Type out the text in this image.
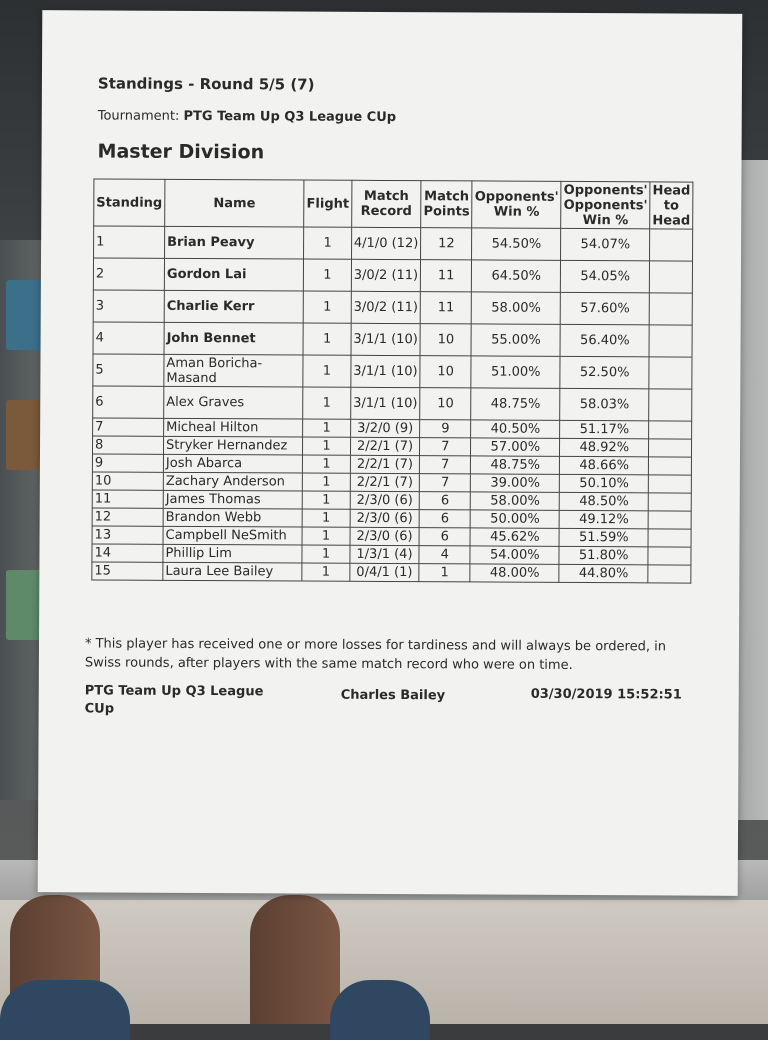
Standings - Round 5/5 (7)
Tournament: PTG Team Up Q3 League CUp
Master Division
Standing	Name	Flight	Match Record	Match Points	Opponents' Win %	Opponents' Opponents' Win %	Head to Head
1	Brian Peavy	1	4/1/0 (12)	12	54.50%	54.07%	
2	Gordon Lai	1	3/0/2 (11)	11	64.50%	54.05%	
3	Charlie Kerr	1	3/0/2 (11)	11	58.00%	57.60%	
4	John Bennet	1	3/1/1 (10)	10	55.00%	56.40%	
5	Aman Boricha-Masand	1	3/1/1 (10)	10	51.00%	52.50%	
6	Alex Graves	1	3/1/1 (10)	10	48.75%	58.03%	
7	Micheal Hilton	1	3/2/0 (9)	9	40.50%	51.17%	
8	Stryker Hernandez	1	2/2/1 (7)	7	57.00%	48.92%	
9	Josh Abarca	1	2/2/1 (7)	7	48.75%	48.66%	
10	Zachary Anderson	1	2/2/1 (7)	7	39.00%	50.10%	
11	James Thomas	1	2/3/0 (6)	6	58.00%	48.50%	
12	Brandon Webb	1	2/3/0 (6)	6	50.00%	49.12%	
13	Campbell NeSmith	1	2/3/0 (6)	6	45.62%	51.59%	
14	Phillip Lim	1	1/3/1 (4)	4	54.00%	51.80%	
15	Laura Lee Bailey	1	0/4/1 (1)	1	48.00%	44.80%	
* This player has received one or more losses for tardiness and will always be ordered, in Swiss rounds, after players with the same match record who were on time.
PTG Team Up Q3 League CUp
Charles Bailey	03/30/2019 15:52:51
